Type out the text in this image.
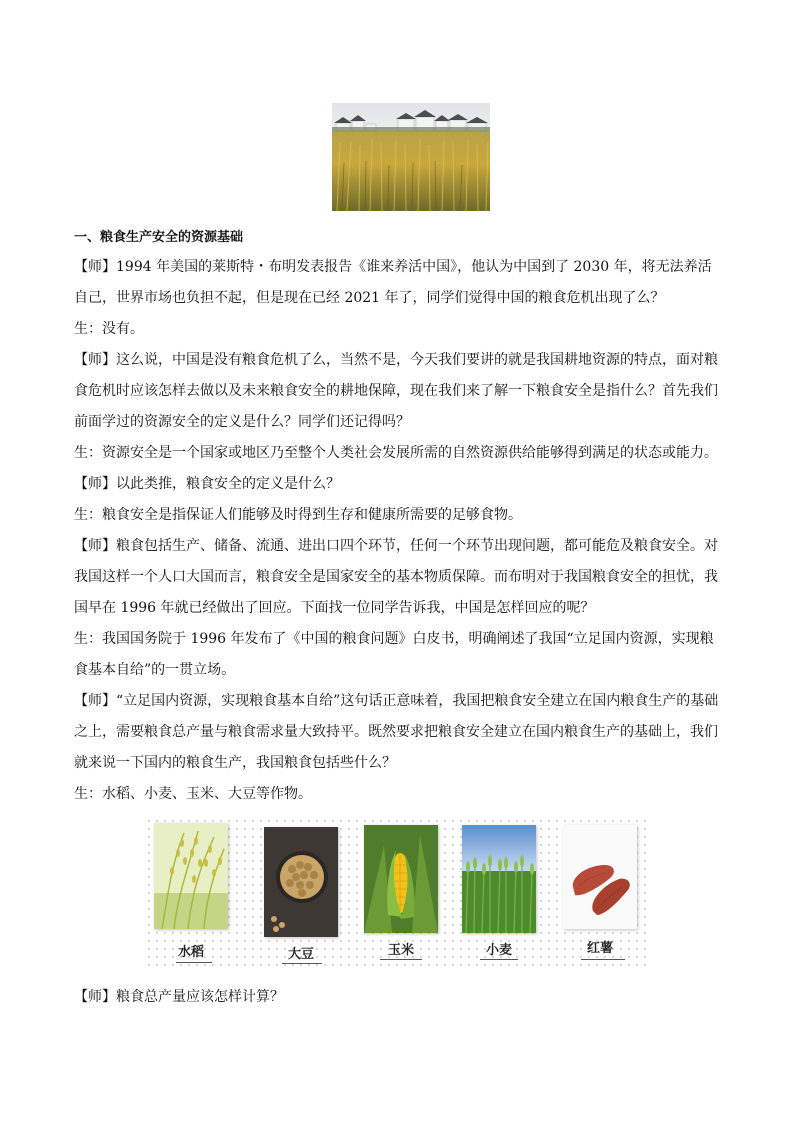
一、粮食生产安全的资源基础

【师】1994 年美国的莱斯特・布明发表报告《谁来养活中国》，他认为中国到了 2030 年，将无法养活自己，世界市场也负担不起，但是现在已经 2021 年了，同学们觉得中国的粮食危机出现了么？

生：没有。

【师】这么说，中国是没有粮食危机了么，当然不是，今天我们要讲的就是我国耕地资源的特点，面对粮食危机时应该怎样去做以及未来粮食安全的耕地保障，现在我们来了解一下粮食安全是指什么？首先我们前面学过的资源安全的定义是什么？同学们还记得吗？

生：资源安全是一个国家或地区乃至整个人类社会发展所需的自然资源供给能够得到满足的状态或能力。

【师】以此类推，粮食安全的定义是什么？

生：粮食安全是指保证人们能够及时得到生存和健康所需要的足够食物。

【师】粮食包括生产、储备、流通、进出口四个环节，任何一个环节出现问题，都可能危及粮食安全。对我国这样一个人口大国而言，粮食安全是国家安全的基本物质保障。而布明对于我国粮食安全的担忧，我国早在 1996 年就已经做出了回应。下面找一位同学告诉我，中国是怎样回应的呢？

生：我国国务院于 1996 年发布了《中国的粮食问题》白皮书，明确阐述了我国“立足国内资源，实现粮食基本自给”的一贯立场。

【师】“立足国内资源，实现粮食基本自给”这句话正意味着，我国把粮食安全建立在国内粮食生产的基础之上，需要粮食总产量与粮食需求量大致持平。既然要求把粮食安全建立在国内粮食生产的基础上，我们就来说一下国内的粮食生产，我国粮食包括些什么？

生：水稻、小麦、玉米、大豆等作物。

水稻	大豆	玉米	小麦	红薯
【师】粮食总产量应该怎样计算？
